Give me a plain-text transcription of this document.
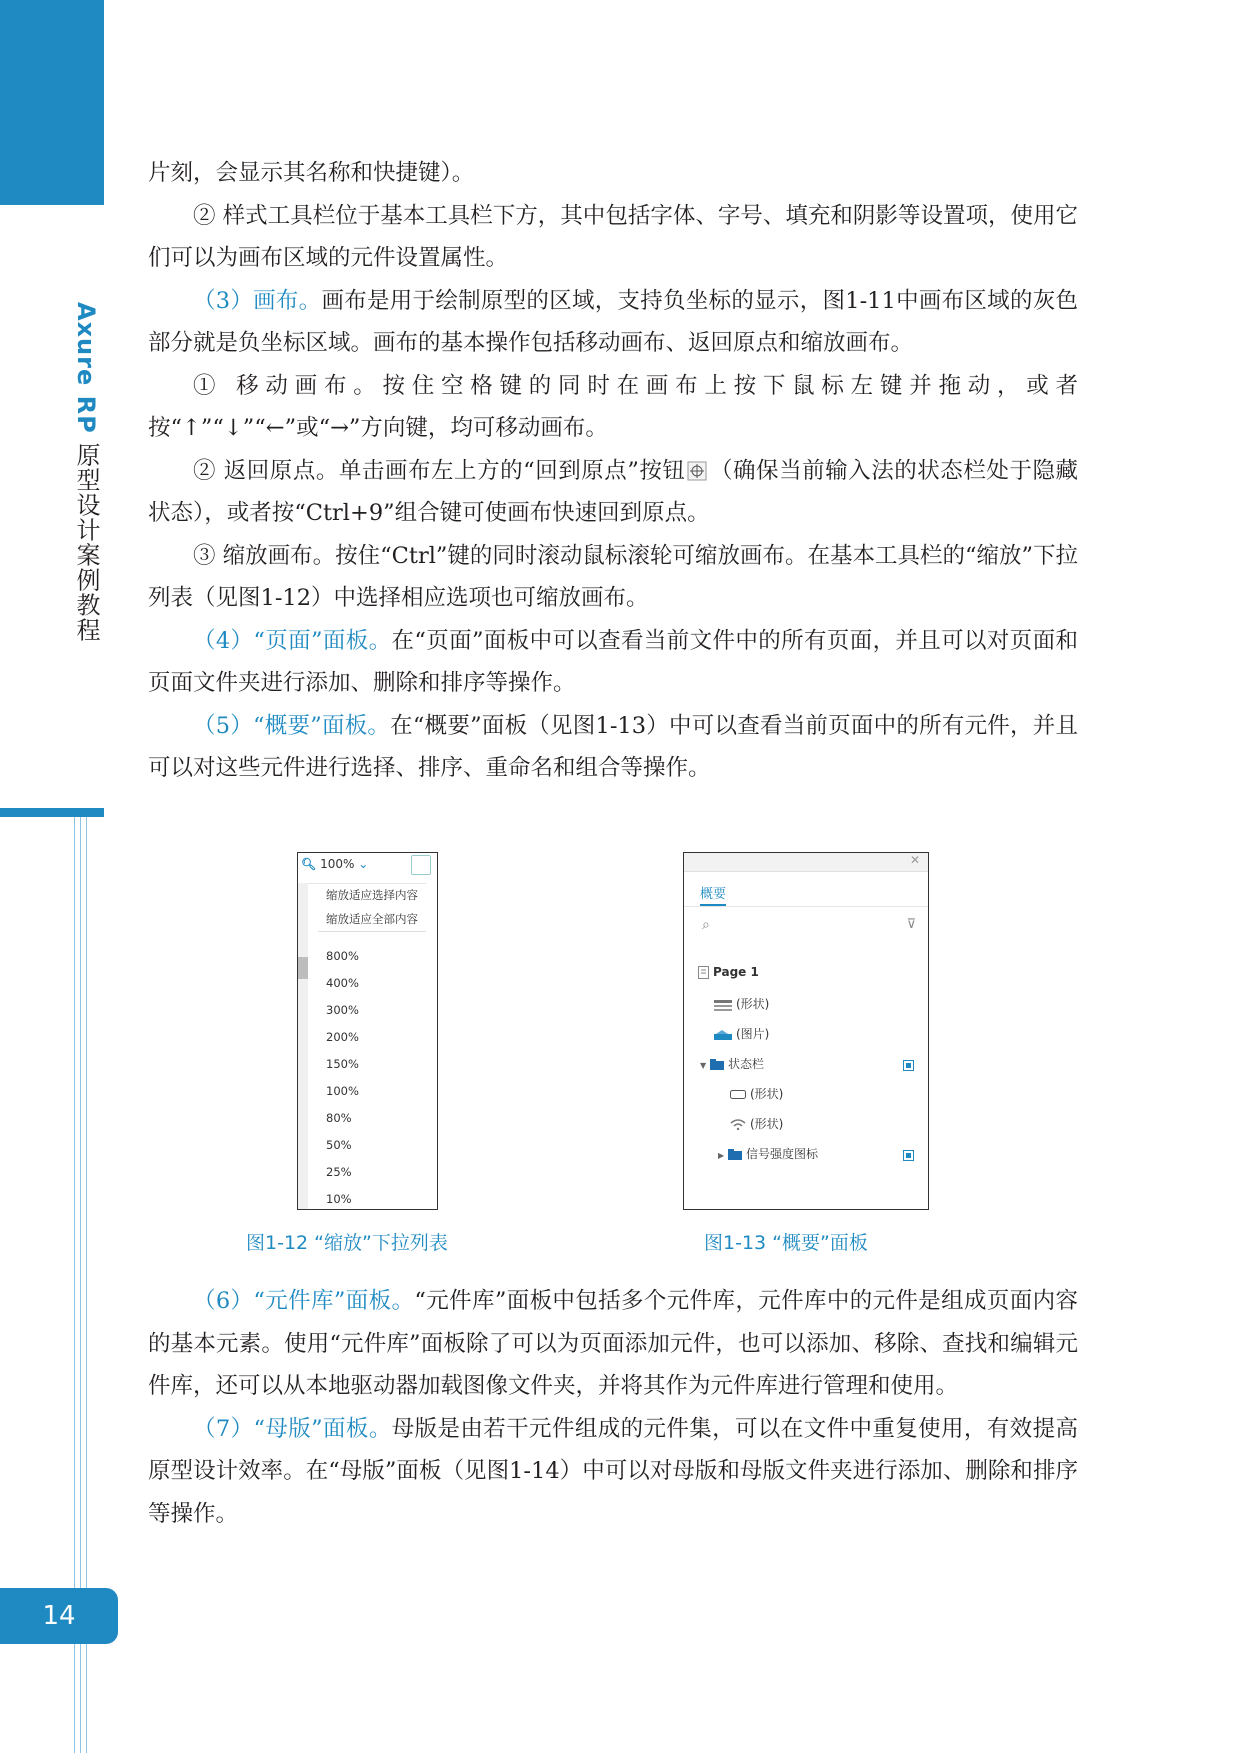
Axure RP 原型设计案例教程
14

片刻，会显示其名称和快捷键）。

② 样式工具栏位于基本工具栏下方，其中包括字体、字号、填充和阴影等设置项，使用它们可以为画布区域的元件设置属性。

（3）画布。画布是用于绘制原型的区域，支持负坐标的显示，图1-11中画布区域的灰色部分就是负坐标区域。画布的基本操作包括移动画布、返回原点和缩放画布。

① 移动画布。按住空格键的同时在画布上按下鼠标左键并拖动，或者按“↑”“↓”“←”或“→”方向键，均可移动画布。

② 返回原点。单击画布左上方的“回到原点”按钮 （确保当前输入法的状态栏处于隐藏状态），或者按“Ctrl+9”组合键可使画布快速回到原点。

③ 缩放画布。按住“Ctrl”键的同时滚动鼠标滚轮可缩放画布。在基本工具栏的“缩放”下拉列表（见图1-12）中选择相应选项也可缩放画布。

（4）“页面”面板。在“页面”面板中可以查看当前文件中的所有页面，并且可以对页面和页面文件夹进行添加、删除和排序等操作。

（5）“概要”面板。在“概要”面板（见图1-13）中可以查看当前页面中的所有元件，并且可以对这些元件进行选择、排序、重命名和组合等操作。

🔍︎ 100% ⌄
缩放适应选择内容
缩放适应全部内容
800%
400%
300%
200%
150%
100%
80%
50%
25%
10%
✕
概要
⌕	⊽
Page 1
(形状)
(图片)
▼ 状态栏
(形状)
(形状)
▶ 信号强度图标
图1-12 “缩放”下拉列表	图1-13 “概要”面板

（6）“元件库”面板。“元件库”面板中包括多个元件库，元件库中的元件是组成页面内容的基本元素。使用“元件库”面板除了可以为页面添加元件，也可以添加、移除、查找和编辑元件库，还可以从本地驱动器加载图像文件夹，并将其作为元件库进行管理和使用。

（7）“母版”面板。母版是由若干元件组成的元件集，可以在文件中重复使用，有效提高原型设计效率。在“母版”面板（见图1-14）中可以对母版和母版文件夹进行添加、删除和排序等操作。
